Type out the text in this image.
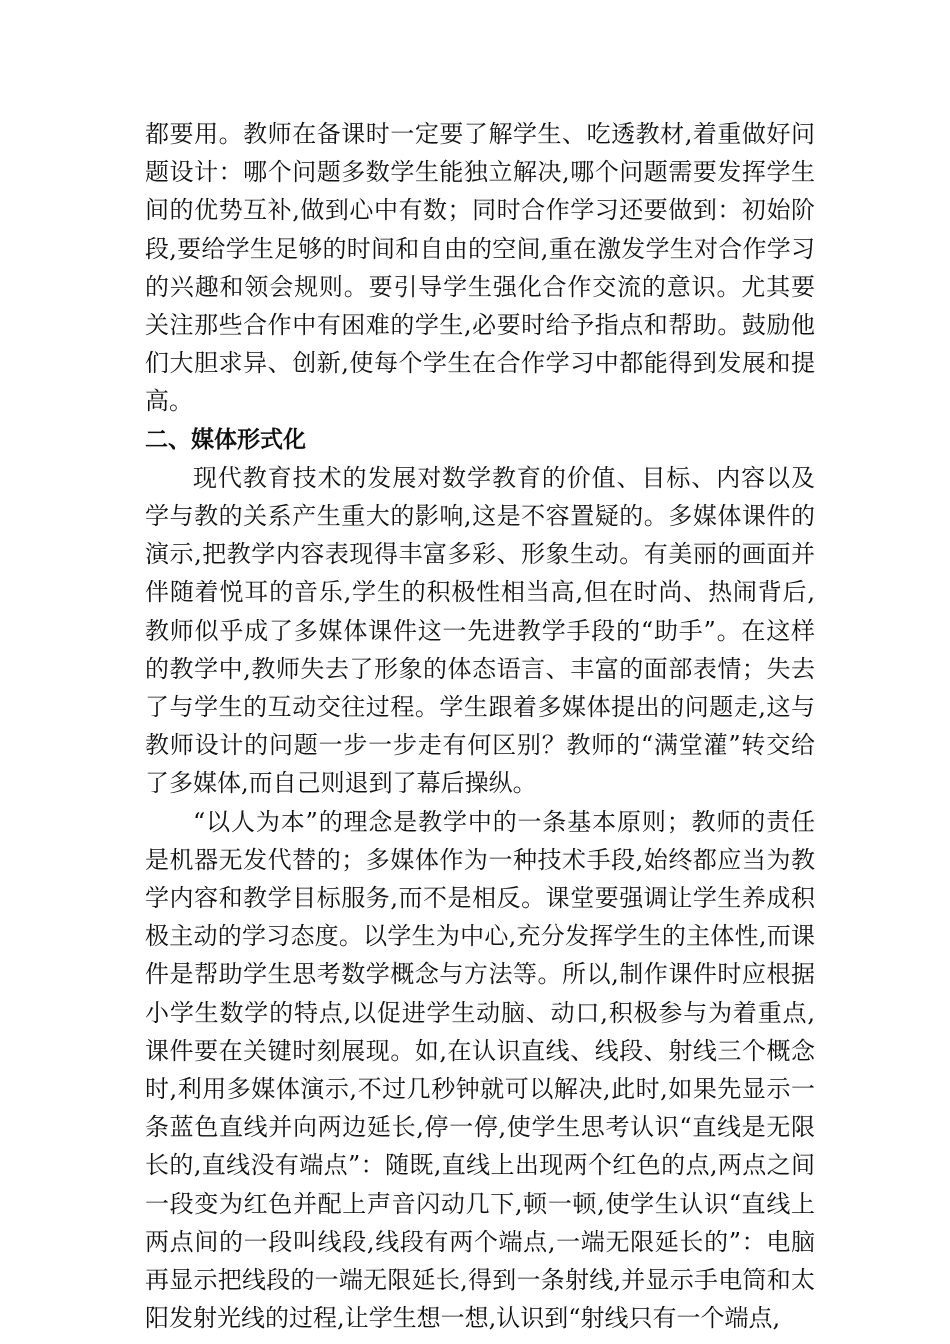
都要用。教师在备课时一定要了解学生、吃透教材,着重做好问题设计：哪个问题多数学生能独立解决,哪个问题需要发挥学生间的优势互补,做到心中有数；同时合作学习还要做到：初始阶段,要给学生足够的时间和自由的空间,重在激发学生对合作学习的兴趣和领会规则。要引导学生强化合作交流的意识。尤其要关注那些合作中有困难的学生,必要时给予指点和帮助。鼓励他们大胆求异、创新,使每个学生在合作学习中都能得到发展和提高。

二、媒体形式化

现代教育技术的发展对数学教育的价值、目标、内容以及学与教的关系产生重大的影响,这是不容置疑的。多媒体课件的演示,把教学内容表现得丰富多彩、形象生动。有美丽的画面并伴随着悦耳的音乐,学生的积极性相当高,但在时尚、热闹背后,教师似乎成了多媒体课件这一先进教学手段的“助手”。在这样的教学中,教师失去了形象的体态语言、丰富的面部表情；失去了与学生的互动交往过程。学生跟着多媒体提出的问题走,这与教师设计的问题一步一步走有何区别？教师的“满堂灌”转交给了多媒体,而自己则退到了幕后操纵。

“以人为本”的理念是教学中的一条基本原则；教师的责任是机器无发代替的；多媒体作为一种技术手段,始终都应当为教学内容和教学目标服务,而不是相反。课堂要强调让学生养成积极主动的学习态度。以学生为中心,充分发挥学生的主体性,而课件是帮助学生思考数学概念与方法等。所以,制作课件时应根据小学生数学的特点,以促进学生动脑、动口,积极参与为着重点,课件要在关键时刻展现。如,在认识直线、线段、射线三个概念时,利用多媒体演示,不过几秒钟就可以解决,此时,如果先显示一条蓝色直线并向两边延长,停一停,使学生思考认识“直线是无限长的,直线没有端点”：随既,直线上出现两个红色的点,两点之间一段变为红色并配上声音闪动几下,顿一顿,使学生认识“直线上两点间的一段叫线段,线段有两个端点,一端无限延长的”：电脑再显示把线段的一端无限延长,得到一条射线,并显示手电筒和太阳发射光线的过程,让学生想一想,认识到“射线只有一个端点,
